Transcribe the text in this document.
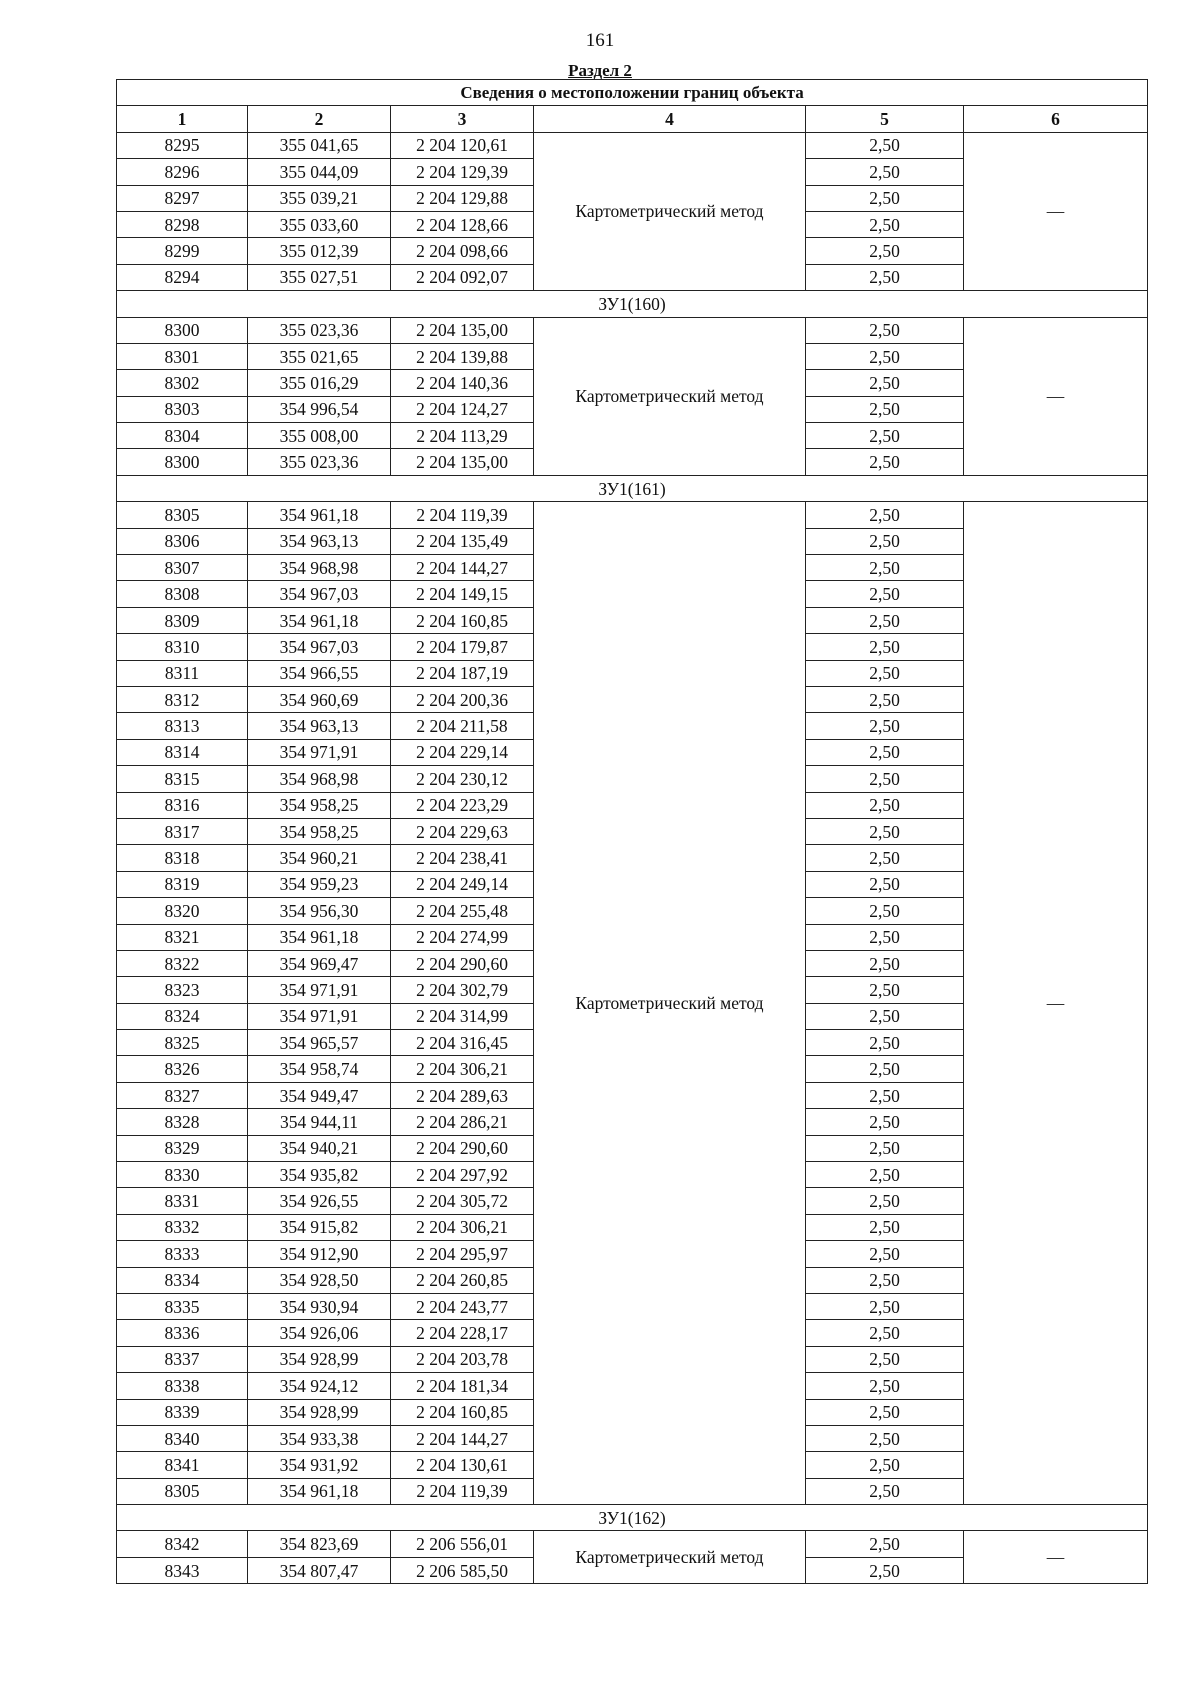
161
Раздел 2
Сведения о местоположении границ объекта					
1	2	3	4	5	6
8295	355 041,65	2 204 120,61	Картометрический метод	2,50	—
8296	355 044,09	2 204 129,39		2,50	
8297	355 039,21	2 204 129,88		2,50	
8298	355 033,60	2 204 128,66		2,50	
8299	355 012,39	2 204 098,66		2,50	
8294	355 027,51	2 204 092,07		2,50	
ЗУ1(160)					
8300	355 023,36	2 204 135,00	Картометрический метод	2,50	—
8301	355 021,65	2 204 139,88		2,50	
8302	355 016,29	2 204 140,36		2,50	
8303	354 996,54	2 204 124,27		2,50	
8304	355 008,00	2 204 113,29		2,50	
8300	355 023,36	2 204 135,00		2,50	
ЗУ1(161)					
8305	354 961,18	2 204 119,39	Картометрический метод	2,50	—
8306	354 963,13	2 204 135,49		2,50	
8307	354 968,98	2 204 144,27		2,50	
8308	354 967,03	2 204 149,15		2,50	
8309	354 961,18	2 204 160,85		2,50	
8310	354 967,03	2 204 179,87		2,50	
8311	354 966,55	2 204 187,19		2,50	
8312	354 960,69	2 204 200,36		2,50	
8313	354 963,13	2 204 211,58		2,50	
8314	354 971,91	2 204 229,14		2,50	
8315	354 968,98	2 204 230,12		2,50	
8316	354 958,25	2 204 223,29		2,50	
8317	354 958,25	2 204 229,63		2,50	
8318	354 960,21	2 204 238,41		2,50	
8319	354 959,23	2 204 249,14		2,50	
8320	354 956,30	2 204 255,48		2,50	
8321	354 961,18	2 204 274,99		2,50	
8322	354 969,47	2 204 290,60		2,50	
8323	354 971,91	2 204 302,79		2,50	
8324	354 971,91	2 204 314,99		2,50	
8325	354 965,57	2 204 316,45		2,50	
8326	354 958,74	2 204 306,21		2,50	
8327	354 949,47	2 204 289,63		2,50	
8328	354 944,11	2 204 286,21		2,50	
8329	354 940,21	2 204 290,60		2,50	
8330	354 935,82	2 204 297,92		2,50	
8331	354 926,55	2 204 305,72		2,50	
8332	354 915,82	2 204 306,21		2,50	
8333	354 912,90	2 204 295,97		2,50	
8334	354 928,50	2 204 260,85		2,50	
8335	354 930,94	2 204 243,77		2,50	
8336	354 926,06	2 204 228,17		2,50	
8337	354 928,99	2 204 203,78		2,50	
8338	354 924,12	2 204 181,34		2,50	
8339	354 928,99	2 204 160,85		2,50	
8340	354 933,38	2 204 144,27		2,50	
8341	354 931,92	2 204 130,61		2,50	
8305	354 961,18	2 204 119,39		2,50	
ЗУ1(162)					
8342	354 823,69	2 206 556,01	Картометрический метод	2,50	—
8343	354 807,47	2 206 585,50		2,50	
